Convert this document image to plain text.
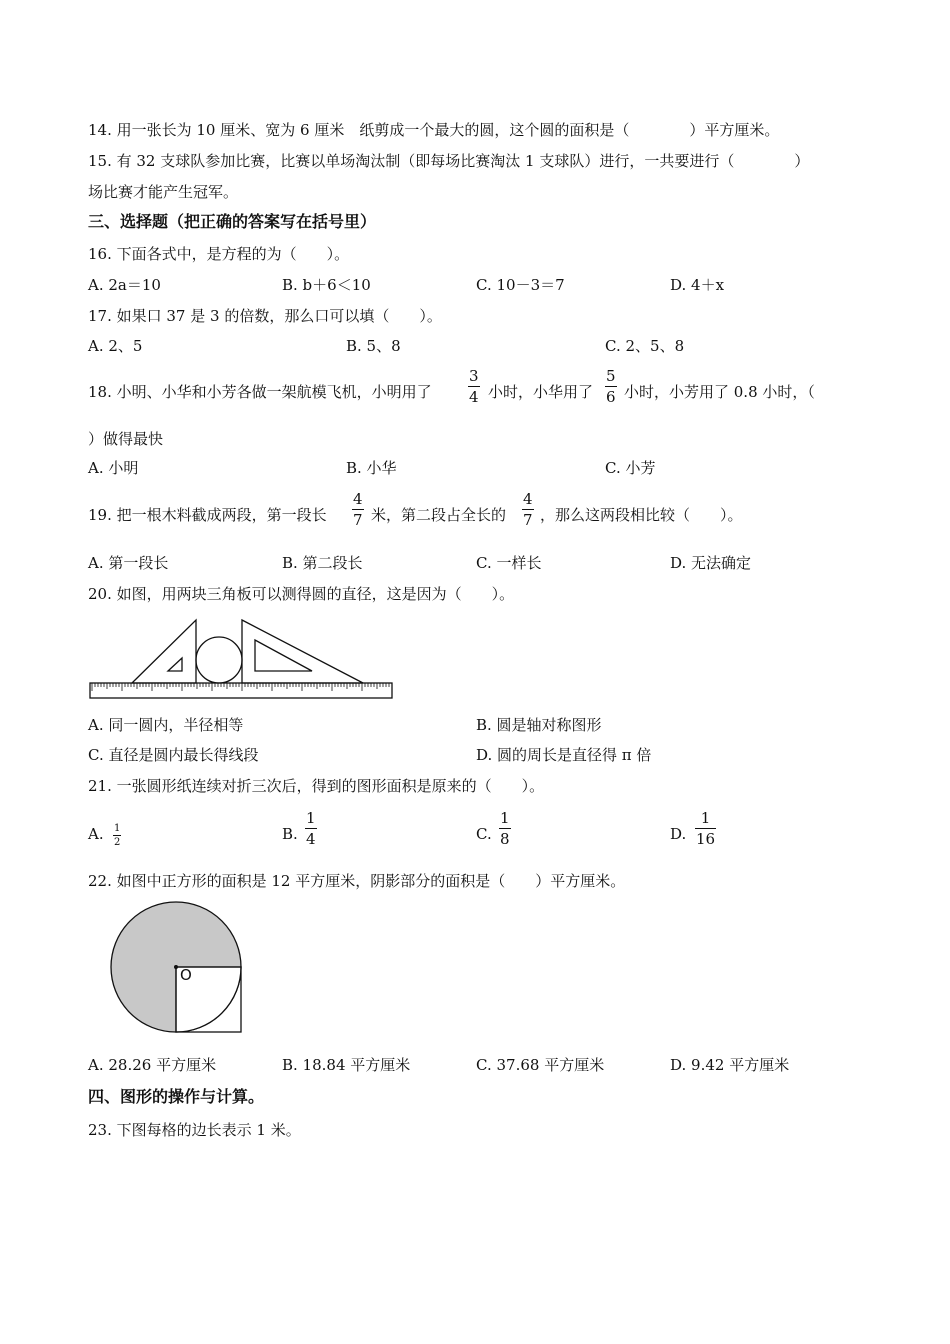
14. 用一张长为 10 厘米、宽为 6 厘米　纸剪成一个最大的圆，这个圆的面积是（　　　　）平方厘米。
15. 有 32 支球队参加比赛，比赛以单场淘汰制（即每场比赛淘汰 1 支球队）进行，一共要进行（　　　　）
场比赛才能产生冠军。
三、选择题（把正确的答案写在括号里）
16. 下面各式中，是方程的为（　　）。
A. 2a＝10	B. b＋6＜10	C. 10－3＝7	D. 4＋x
17. 如果口 37 是 3 的倍数，那么口可以填（　　）。
A. 2、5	B. 5、8	C. 2、5、8
18. 小明、小华和小芳各做一架航模飞机，小明用了
3
4 小时，小华用了
5
6 小时，小芳用了 0.8 小时，（
）做得最快
A. 小明	B. 小华	C. 小芳
19. 把一根木料截成两段，第一段长
4
7 米，第二段占全长的
4
7 ，那么这两段相比较（　　）。
A. 第一段长	B. 第二段长	C. 一样长	D. 无法确定
20. 如图，用两块三角板可以测得圆的直径，这是因为（　　）。
A. 同一圆内，半径相等	B. 圆是轴对称图形
C. 直径是圆内最长得线段	D. 圆的周长是直径得 π 倍
21. 一张圆形纸连续对折三次后，得到的图形面积是原来的（　　）。
A. 1
2	B.
1
4	C.
1
8	D.
1
16
22. 如图中正方形的面积是 12 平方厘米，阴影部分的面积是（　　）平方厘米。
O
A. 28.26 平方厘米	B. 18.84 平方厘米	C. 37.68 平方厘米	D. 9.42 平方厘米
四、图形的操作与计算。
23. 下图每格的边长表示 1 米。
